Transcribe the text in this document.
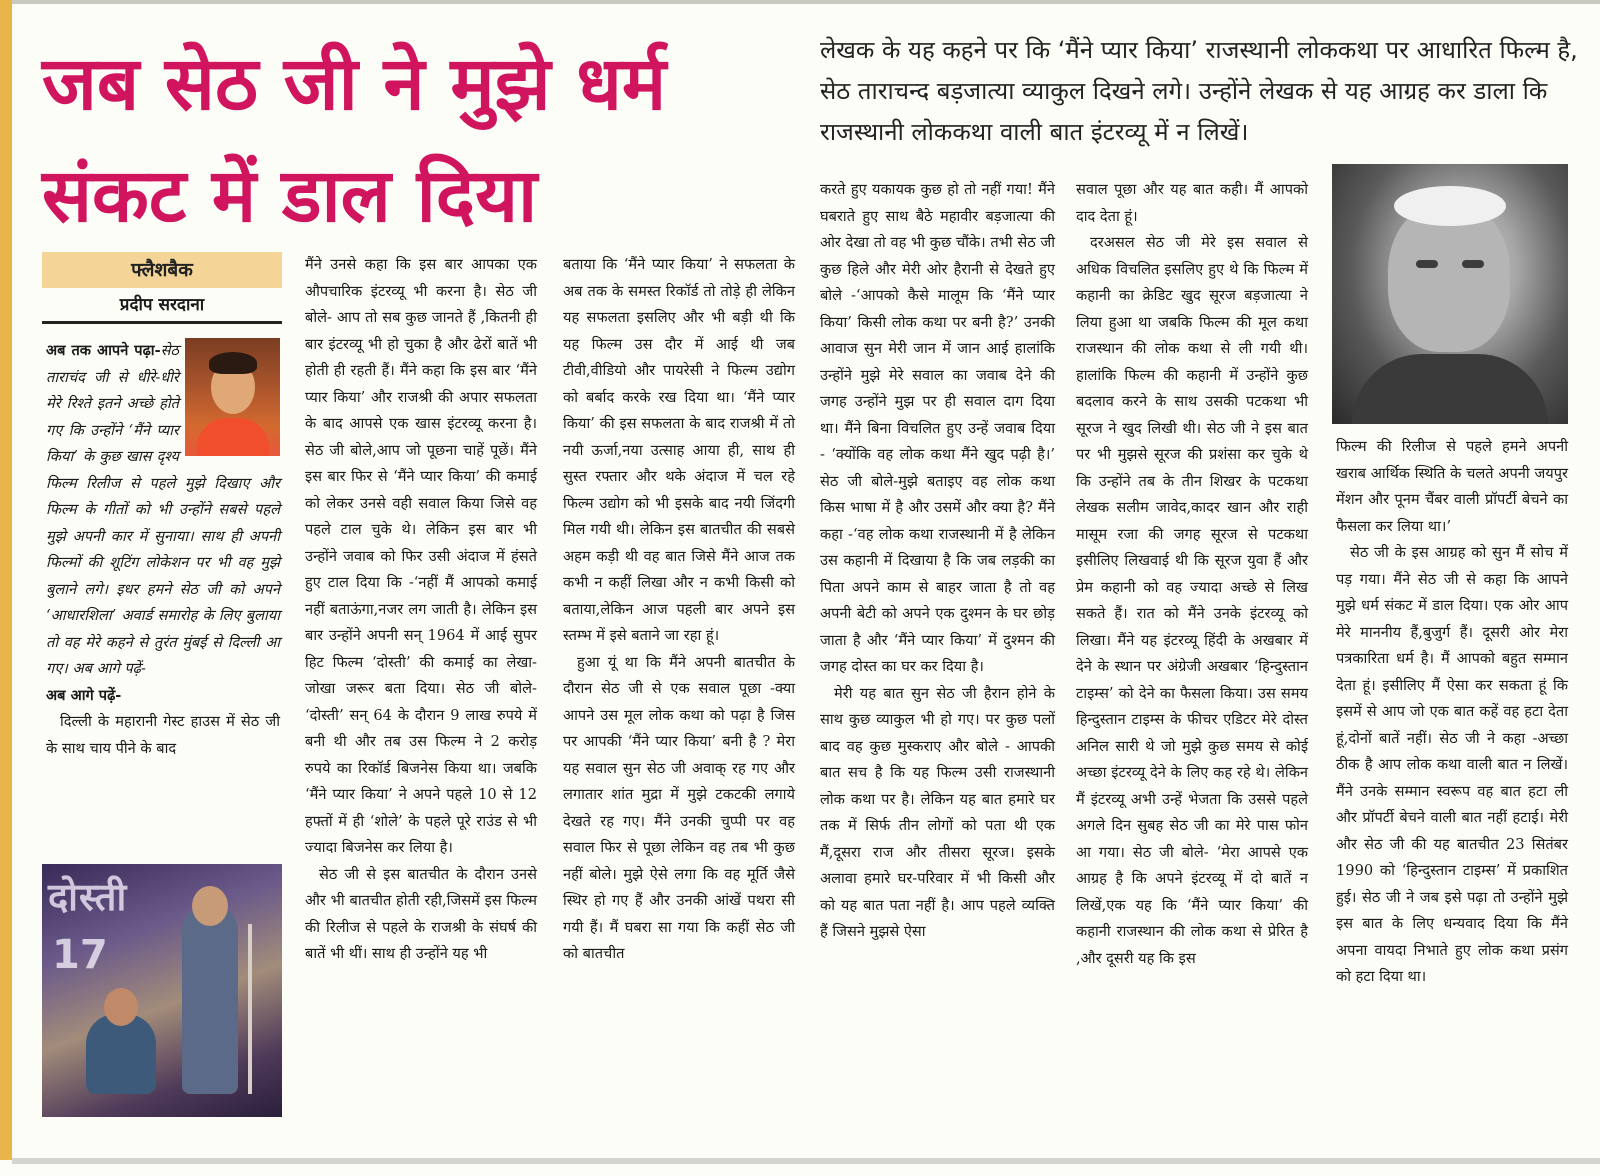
जब सेठ जी ने मुझे धर्म संकट में डाल दिया
लेखक के यह कहने पर कि ‘मैंने प्यार किया’ राजस्थानी लोककथा पर आधारित फिल्म है, सेठ ताराचन्द बड़जात्या व्याकुल दिखने लगे। उन्होंने लेखक से यह आग्रह कर डाला कि राजस्थानी लोककथा वाली बात इंटरव्यू में न लिखें।
फ्लैशबैक
प्रदीप सरदाना

अब तक आपने पढ़ा-सेठ ताराचंद जी से धीरे-धीरे मेरे रिश्ते इतने अच्छे होते गए कि उन्होंने ‘मैंने प्यार किया’ के कुछ खास दृश्य फिल्म रिलीज से पहले मुझे दिखाए और फिल्म के गीतों को भी उन्होंने सबसे पहले मुझे अपनी कार में सुनाया। साथ ही अपनी फिल्मों की शूटिंग लोकेशन पर भी वह मुझे बुलाने लगे। इधर हमने सेठ जी को अपने ‘आधारशिला’ अवार्ड समारोह के लिए बुलाया तो वह मेरे कहने से तुरंत मुंबई से दिल्ली आ गए। अब आगे पढ़ें-

अब आगे पढ़ें-

दिल्ली के महारानी गेस्ट हाउस में सेठ जी के साथ चाय पीने के बाद

दोस्ती
17

मैंने उनसे कहा कि इस बार आपका एक औपचारिक इंटरव्यू भी करना है। सेठ जी बोले- आप तो सब कुछ जानते हैं ,कितनी ही बार इंटरव्यू भी हो चुका है और ढेरों बातें भी होती ही रहती हैं। मैंने कहा कि इस बार ‘मैंने प्यार किया’ और राजश्री की अपार सफलता के बाद आपसे एक खास इंटरव्यू करना है। सेठ जी बोले,आप जो पूछना चाहें पूछें। मैंने इस बार फिर से ‘मैंने प्यार किया’ की कमाई को लेकर उनसे वही सवाल किया जिसे वह पहले टाल चुके थे। लेकिन इस बार भी उन्होंने जवाब को फिर उसी अंदाज में हंसते हुए टाल दिया कि -‘नहीं मैं आपको कमाई नहीं बताऊंगा,नजर लग जाती है। लेकिन इस बार उन्होंने अपनी सन् 1964 में आई सुपर हिट फिल्म ‘दोस्ती’ की कमाई का लेखा-जोखा जरूर बता दिया। सेठ जी बोले- ‘दोस्ती’ सन् 64 के दौरान 9 लाख रुपये में बनी थी और तब उस फिल्म ने 2 करोड़ रुपये का रिकॉर्ड बिजनेस किया था। जबकि ‘मैंने प्यार किया’ ने अपने पहले 10 से 12 हफ्तों में ही ‘शोले’ के पहले पूरे राउंड से भी ज्यादा बिजनेस कर लिया है।

सेठ जी से इस बातचीत के दौरान उनसे और भी बातचीत होती रही,जिसमें इस फिल्म की रिलीज से पहले के राजश्री के संघर्ष की बातें भी थीं। साथ ही उन्होंने यह भी

बताया कि ‘मैंने प्यार किया’ ने सफलता के अब तक के समस्त रिकॉर्ड तो तोड़े ही लेकिन यह सफलता इसलिए और भी बड़ी थी कि यह फिल्म उस दौर में आई थी जब टीवी,वीडियो और पायरेसी ने फिल्म उद्योग को बर्बाद करके रख दिया था। ‘मैंने प्यार किया’ की इस सफलता के बाद राजश्री में तो नयी ऊर्जा,नया उत्साह आया ही, साथ ही सुस्त रफ्तार और थके अंदाज में चल रहे फिल्म उद्योग को भी इसके बाद नयी जिंदगी मिल गयी थी। लेकिन इस बातचीत की सबसे अहम कड़ी थी वह बात जिसे मैंने आज तक कभी न कहीं लिखा और न कभी किसी को बताया,लेकिन आज पहली बार अपने इस स्तम्भ में इसे बताने जा रहा हूं।

हुआ यूं था कि मैंने अपनी बातचीत के दौरान सेठ जी से एक सवाल पूछा -क्या आपने उस मूल लोक कथा को पढ़ा है जिस पर आपकी ‘मैंने प्यार किया’ बनी है ? मेरा यह सवाल सुन सेठ जी अवाक् रह गए और लगातार शांत मुद्रा में मुझे टकटकी लगाये देखते रह गए। मैंने उनकी चुप्पी पर वह सवाल फिर से पूछा लेकिन वह तब भी कुछ नहीं बोले। मुझे ऐसे लगा कि वह मूर्ति जैसे स्थिर हो गए हैं और उनकी आंखें पथरा सी गयी हैं। मैं घबरा सा गया कि कहीं सेठ जी को बातचीत

करते हुए यकायक कुछ हो तो नहीं गया! मैंने घबराते हुए साथ बैठे महावीर बड़जात्या की ओर देखा तो वह भी कुछ चौंके। तभी सेठ जी कुछ हिले और मेरी ओर हैरानी से देखते हुए बोले -‘आपको कैसे मालूम कि ‘मैंने प्यार किया’ किसी लोक कथा पर बनी है?’ उनकी आवाज सुन मेरी जान में जान आई हालांकि उन्होंने मुझे मेरे सवाल का जवाब देने की जगह उन्होंने मुझ पर ही सवाल दाग दिया था। मैंने बिना विचलित हुए उन्हें जवाब दिया - ‘क्योंकि वह लोक कथा मैंने खुद पढ़ी है।’ सेठ जी बोले-मुझे बताइए वह लोक कथा किस भाषा में है और उसमें और क्या है? मैंने कहा -‘वह लोक कथा राजस्थानी में है लेकिन उस कहानी में दिखाया है कि जब लड़की का पिता अपने काम से बाहर जाता है तो वह अपनी बेटी को अपने एक दुश्मन के घर छोड़ जाता है और ‘मैंने प्यार किया’ में दुश्मन की जगह दोस्त का घर कर दिया है।

मेरी यह बात सुन सेठ जी हैरान होने के साथ कुछ व्याकुल भी हो गए। पर कुछ पलों बाद वह कुछ मुस्कराए और बोले - आपकी बात सच है कि यह फिल्म उसी राजस्थानी लोक कथा पर है। लेकिन यह बात हमारे घर तक में सिर्फ तीन लोगों को पता थी एक मैं,दूसरा राज और तीसरा सूरज। इसके अलावा हमारे घर-परिवार में भी किसी और को यह बात पता नहीं है। आप पहले व्यक्ति हैं जिसने मुझसे ऐसा

सवाल पूछा और यह बात कही। मैं आपको दाद देता हूं।

दरअसल सेठ जी मेरे इस सवाल से अधिक विचलित इसलिए हुए थे कि फिल्म में कहानी का क्रेडिट खुद सूरज बड़जात्या ने लिया हुआ था जबकि फिल्म की मूल कथा राजस्थान की लोक कथा से ली गयी थी। हालांकि फिल्म की कहानी में उन्होंने कुछ बदलाव करने के साथ उसकी पटकथा भी सूरज ने खुद लिखी थी। सेठ जी ने इस बात पर भी मुझसे सूरज की प्रशंसा कर चुके थे कि उन्होंने तब के तीन शिखर के पटकथा लेखक सलीम जावेद,कादर खान और राही मासूम रजा की जगह सूरज से पटकथा इसीलिए लिखवाई थी कि सूरज युवा हैं और प्रेम कहानी को वह ज्यादा अच्छे से लिख सकते हैं। रात को मैंने उनके इंटरव्यू को लिखा। मैंने यह इंटरव्यू हिंदी के अखबार में देने के स्थान पर अंग्रेजी अखबार ‘हिन्दुस्तान टाइम्स’ को देने का फैसला किया। उस समय हिन्दुस्तान टाइम्स के फीचर एडिटर मेरे दोस्त अनिल सारी थे जो मुझे कुछ समय से कोई अच्छा इंटरव्यू देने के लिए कह रहे थे। लेकिन मैं इंटरव्यू अभी उन्हें भेजता कि उससे पहले अगले दिन सुबह सेठ जी का मेरे पास फोन आ गया। सेठ जी बोले- ‘मेरा आपसे एक आग्रह है कि अपने इंटरव्यू में दो बातें न लिखें,एक यह कि ‘मैंने प्यार किया’ की कहानी राजस्थान की लोक कथा से प्रेरित है ,और दूसरी यह कि इस

फिल्म की रिलीज से पहले हमने अपनी खराब आर्थिक स्थिति के चलते अपनी जयपुर मेंशन और पूनम चैंबर वाली प्रॉपर्टी बेचने का फैसला कर लिया था।’

सेठ जी के इस आग्रह को सुन मैं सोच में पड़ गया। मैंने सेठ जी से कहा कि आपने मुझे धर्म संकट में डाल दिया। एक ओर आप मेरे माननीय हैं,बुजुर्ग हैं। दूसरी ओर मेरा पत्रकारिता धर्म है। मैं आपको बहुत सम्मान देता हूं। इसीलिए मैं ऐसा कर सकता हूं कि इसमें से आप जो एक बात कहें वह हटा देता हूं,दोनों बातें नहीं। सेठ जी ने कहा -अच्छा ठीक है आप लोक कथा वाली बात न लिखें। मैंने उनके सम्मान स्वरूप वह बात हटा ली और प्रॉपर्टी बेचने वाली बात नहीं हटाई। मेरी और सेठ जी की यह बातचीत 23 सितंबर 1990 को ‘हिन्दुस्तान टाइम्स’ में प्रकाशित हुई। सेठ जी ने जब इसे पढ़ा तो उन्होंने मुझे इस बात के लिए धन्यवाद दिया कि मैंने अपना वायदा निभाते हुए लोक कथा प्रसंग को हटा दिया था।
